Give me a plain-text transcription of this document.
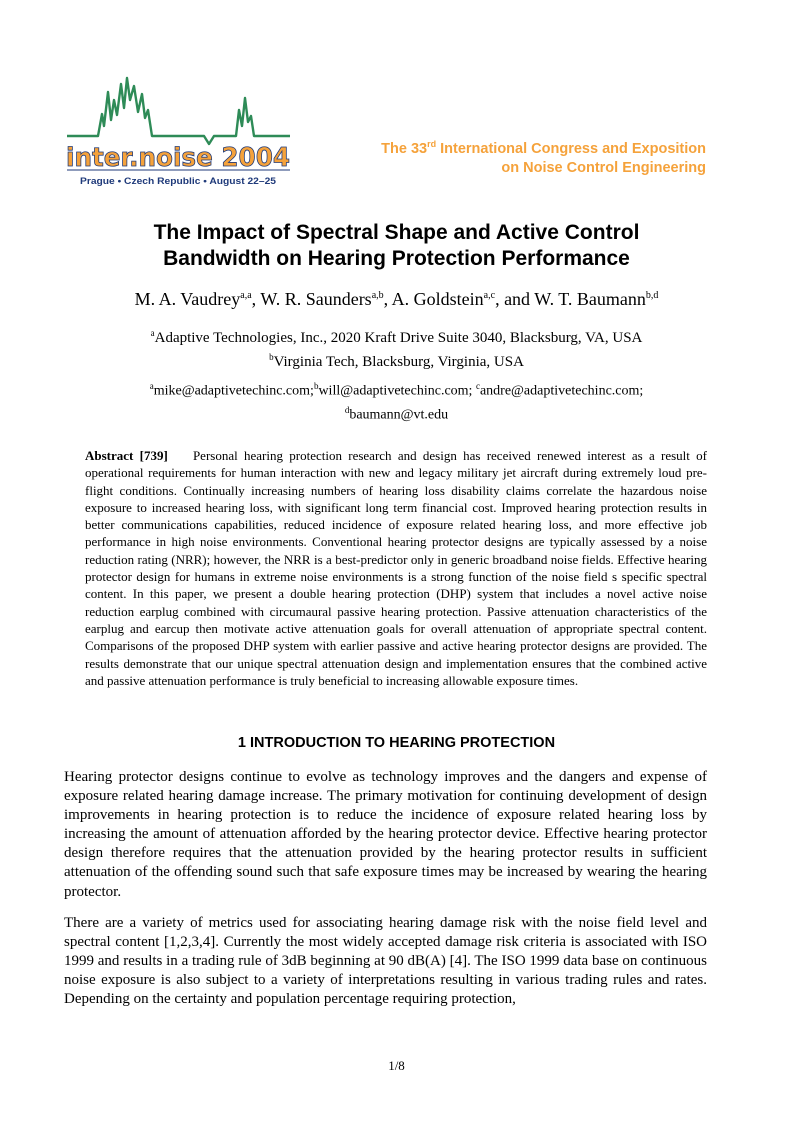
inter.noise 2004
Prague • Czech Republic • August 22–25
The 33rd International Congress and Exposition
on Noise Control Engineering
The Impact of Spectral Shape and Active Control
Bandwidth on Hearing Protection Performance
M. A. Vaudrey$^{a,a}$, W. R. Saunders$^{a,b}$, A. Goldstein$^{a,c}$, and W. T. Baumann$^{b,d}$
$^a$Adaptive Technologies, Inc., 2020 Kraft Drive Suite 3040, Blacksburg, VA, USA
$^b$Virginia Tech, Blacksburg, Virginia, USA
$^a$mike@adaptivetechinc.com;$^b$will@adaptivetechinc.com; $^c$andre@adaptivetechinc.com;
$^d$baumann@vt.edu

Abstract [739] Personal hearing protection research and design has received renewed interest as a result of operational requirements for human interaction with new and legacy military jet aircraft during extremely loud pre-flight conditions. Continually increasing numbers of hearing loss disability claims correlate the hazardous noise exposure to increased hearing loss, with significant long term financial cost. Improved hearing protection results in better communications capabilities, reduced incidence of exposure related hearing loss, and more effective job performance in high noise environments. Conventional hearing protector designs are typically assessed by a noise reduction rating (NRR); however, the NRR is a best-predictor only in generic broadband noise fields. Effective hearing protector design for humans in extreme noise environments is a strong function of the noise field s specific spectral content. In this paper, we present a double hearing protection (DHP) system that includes a novel active noise reduction earplug combined with circumaural passive hearing protection. Passive attenuation characteristics of the earplug and earcup then motivate active attenuation goals for overall attenuation of appropriate spectral content. Comparisons of the proposed DHP system with earlier passive and active hearing protector designs are provided. The results demonstrate that our unique spectral attenuation design and implementation ensures that the combined active and passive attenuation performance is truly beneficial to increasing allowable exposure times.

1 INTRODUCTION TO HEARING PROTECTION

Hearing protector designs continue to evolve as technology improves and the dangers and expense of exposure related hearing damage increase. The primary motivation for continuing development of design improvements in hearing protection is to reduce the incidence of exposure related hearing loss by increasing the amount of attenuation afforded by the hearing protector device. Effective hearing protector design therefore requires that the attenuation provided by the hearing protector results in sufficient attenuation of the offending sound such that safe exposure times may be increased by wearing the hearing protector.

There are a variety of metrics used for associating hearing damage risk with the noise field level and spectral content [1,2,3,4]. Currently the most widely accepted damage risk criteria is associated with ISO 1999 and results in a trading rule of 3dB beginning at 90 dB(A) [4]. The ISO 1999 data base on continuous noise exposure is also subject to a variety of interpretations resulting in various trading rules and rates. Depending on the certainty and population percentage requiring protection,

1/8
